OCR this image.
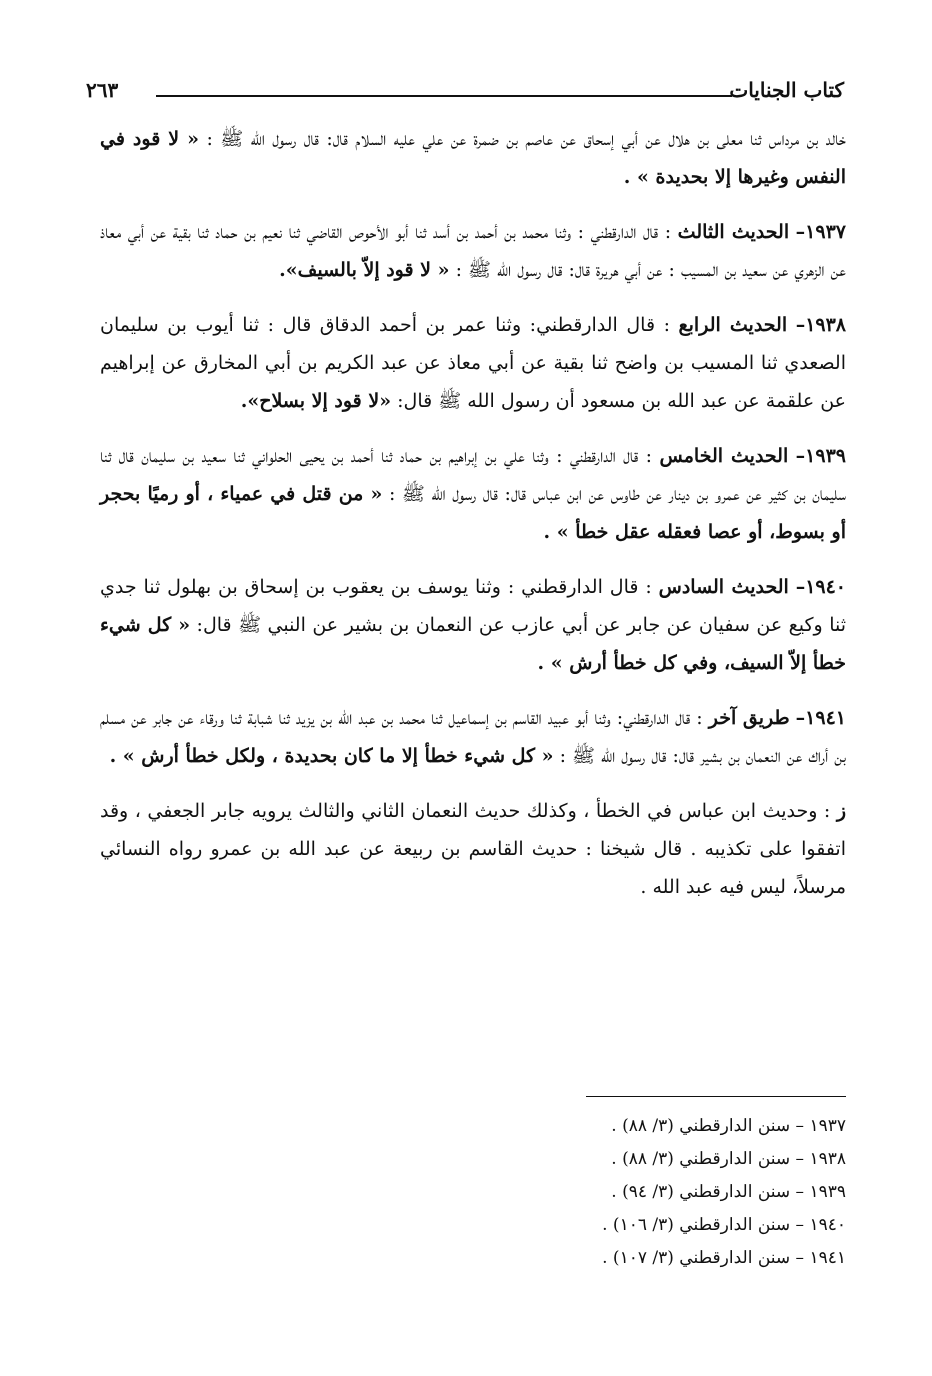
كتاب الجنايات
٢٦٣

خالد بن مرداس ثنا معلى بن هلال عن أبي إسحاق عن عاصم بن ضمرة عن علي عليه السلام قال: قال رسول الله ﷺ : « لا قود في النفس وغيرها إلا بحديدة » .

١٩٣٧– الحديث الثالث : قال الدارقطني : وثنا محمد بن أحمد بن أسد ثنا أبو الأحوص القاضي ثنا نعيم بن حماد ثنا بقية عن أبي معاذ عن الزهري عن سعيد بن المسيب : عن أبي هريرة قال: قال رسول الله ﷺ : « لا قود إلاّ بالسيف».

١٩٣٨– الحديث الرابع : قال الدارقطني: وثنا عمر بن أحمد الدقاق قال : ثنا أيوب بن سليمان الصعدي ثنا المسيب بن واضح ثنا بقية عن أبي معاذ عن عبد الكريم بن أبي المخارق عن إبراهيم عن علقمة عن عبد الله بن مسعود أن رسول الله ﷺ قال: «لا قود إلا بسلاح».

١٩٣٩– الحديث الخامس : قال الدارقطني : وثنا علي بن إبراهيم بن حماد ثنا أحمد بن يحيى الحلواني ثنا سعيد بن سليمان قال ثنا سليمان بن كثير عن عمرو بن دينار عن طاوس عن ابن عباس قال: قال رسول الله ﷺ : « من قتل في عمياء ، أو رميًا بحجر أو بسوط، أو عصا فعقله عقل خطأ » .

١٩٤٠– الحديث السادس : قال الدارقطني : وثنا يوسف بن يعقوب بن إسحاق بن بهلول ثنا جدي ثنا وكيع عن سفيان عن جابر عن أبي عازب عن النعمان بن بشير عن النبي ﷺ قال: « كل شيء خطأ إلاّ السيف، وفي كل خطأ أرش » .

١٩٤١– طريق آخر : قال الدارقطني: وثنا أبو عبيد القاسم بن إسماعيل ثنا محمد بن عبد الله بن يزيد ثنا شبابة ثنا ورقاء عن جابر عن مسلم بن أراك عن النعمان بن بشير قال: قال رسول الله ﷺ : « كل شيء خطأ إلا ما كان بحديدة ، ولكل خطأ أرش » .

ز : وحديث ابن عباس في الخطأ ، وكذلك حديث النعمان الثاني والثالث يرويه جابر الجعفي ، وقد اتفقوا على تكذيبه . قال شيخنا : حديث القاسم بن ربيعة عن عبد الله بن عمرو رواه النسائي مرسلاً، ليس فيه عبد الله .

١٩٣٧ – سنن الدارقطني (٣/ ٨٨) .
١٩٣٨ – سنن الدارقطني (٣/ ٨٨) .
١٩٣٩ – سنن الدارقطني (٣/ ٩٤) .
١٩٤٠ – سنن الدارقطني (٣/ ١٠٦) .
١٩٤١ – سنن الدارقطني (٣/ ١٠٧) .
